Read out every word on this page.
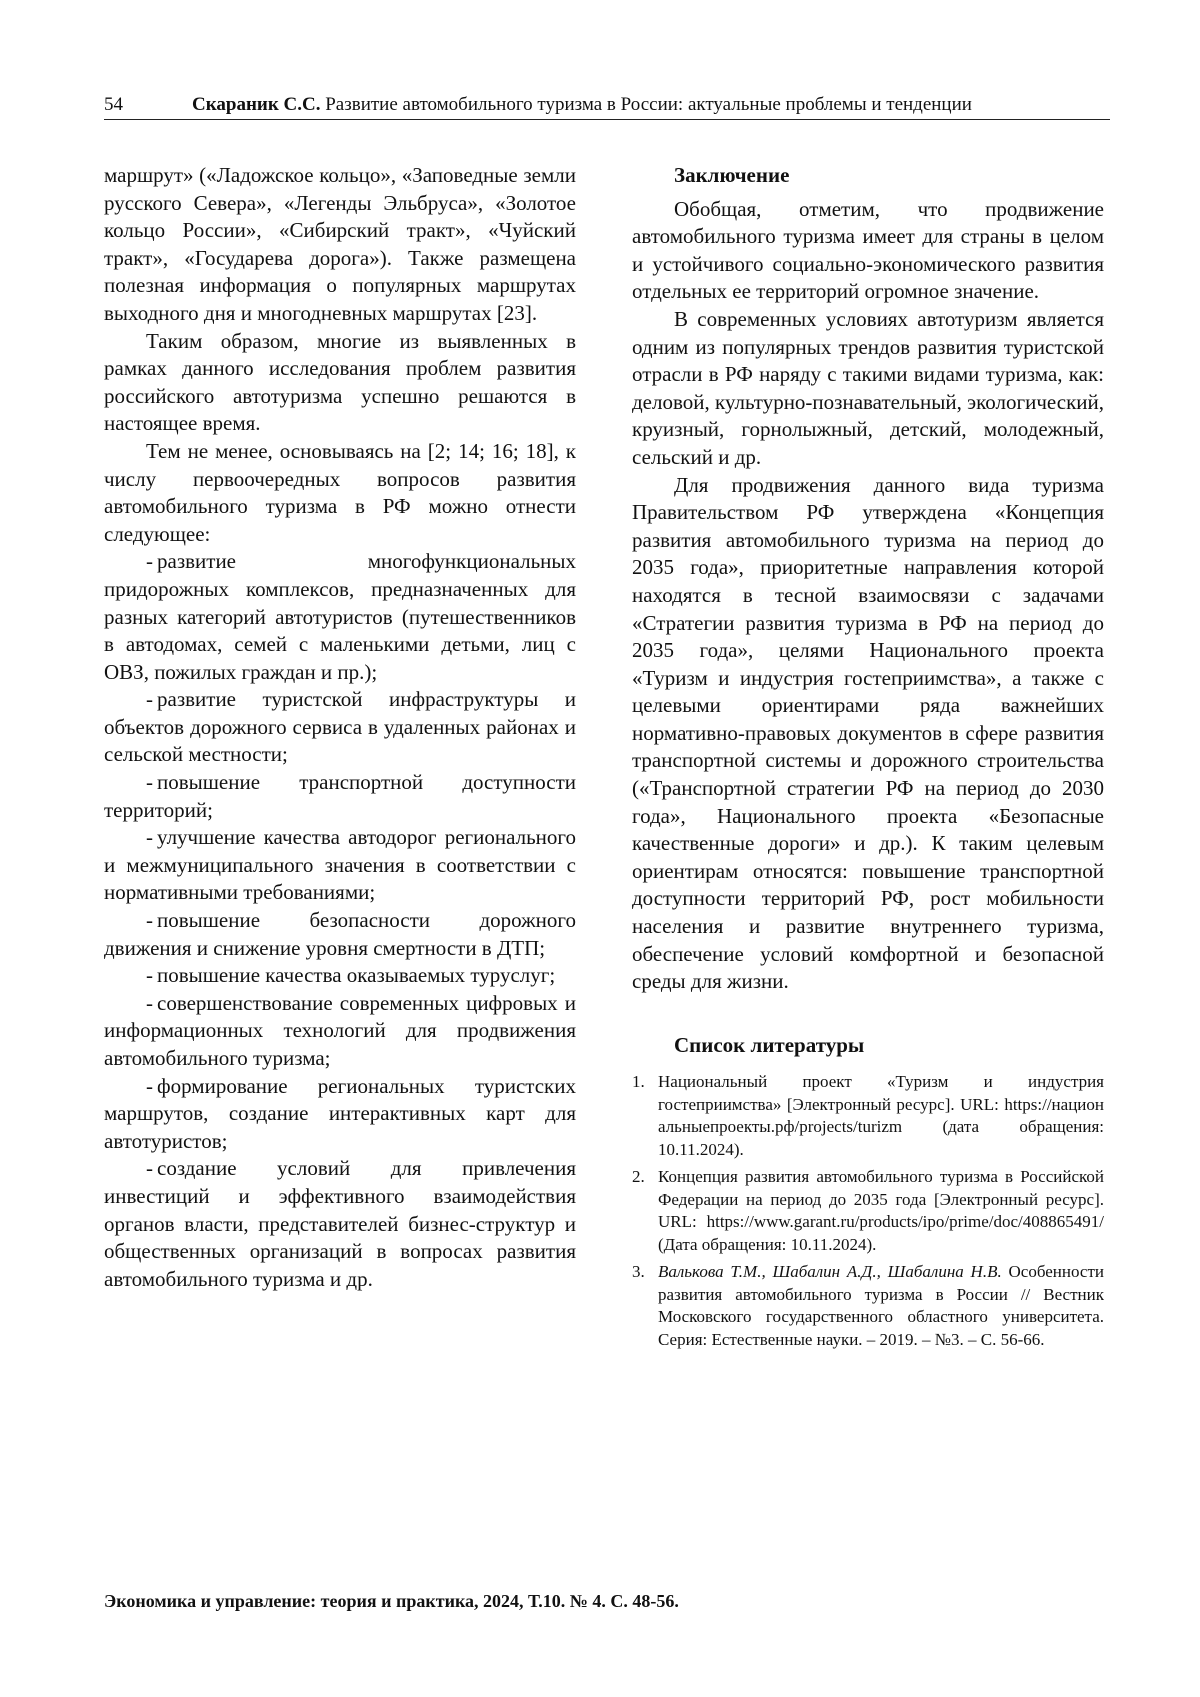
54	Скараник С.С. Развитие автомобильного туризма в России: актуальные проблемы и тенденции

маршрут» («Ладожское кольцо», «Заповедные земли русского Севера», «Легенды Эльбруса», «Золотое кольцо России», «Сибирский тракт», «Чуйский тракт», «Государева дорога»). Также размещена полезная информация о популярных маршрутах выходного дня и многодневных маршрутах [23].

Таким образом, многие из выявленных в рамках данного исследования проблем развития российского автотуризма успешно решаются в настоящее время.

Тем не менее, основываясь на [2; 14; 16; 18], к числу первоочередных вопросов развития автомобильного туризма в РФ можно отнести следующее:

- развитие многофункциональных придорожных комплексов, предназначенных для разных категорий автотуристов (путешественников в автодомах, семей с маленькими детьми, лиц с ОВЗ, пожилых граждан и пр.);
- развитие туристской инфраструктуры и объектов дорожного сервиса в удаленных районах и сельской местности;
- повышение транспортной доступности территорий;
- улучшение качества автодорог регионального и межмуниципального значения в соответствии с нормативными требованиями;
- повышение безопасности дорожного движения и снижение уровня смертности в ДТП;
- повышение качества оказываемых туруслуг;
- совершенствование современных цифровых и информационных технологий для продвижения автомобильного туризма;
- формирование региональных туристских маршрутов, создание интерактивных карт для автотуристов;
- создание условий для привлечения инвестиций и эффективного взаимодействия органов власти, представителей бизнес-структур и общественных организаций в вопросах развития автомобильного туризма и др.
Заключение

Обобщая, отметим, что продвижение автомобильного туризма имеет для страны в целом и устойчивого социально-экономического развития отдельных ее территорий огромное значение.

В современных условиях автотуризм является одним из популярных трендов развития туристской отрасли в РФ наряду с такими видами туризма, как: деловой, культурно-познавательный, экологический, круизный, горнолыжный, детский, молодежный, сельский и др.

Для продвижения данного вида туризма Правительством РФ утверждена «Концепция развития автомобильного туризма на период до 2035 года», приоритетные направления которой находятся в тесной взаимосвязи с задачами «Стратегии развития туризма в РФ на период до 2035 года», целями Национального проекта «Туризм и индустрия гостеприимства», а также с целевыми ориентирами ряда важнейших нормативно-правовых документов в сфере развития транспортной системы и дорожного строительства («Транспортной стратегии РФ на период до 2030 года», Национального проекта «Безопасные качественные дороги» и др.). К таким целевым ориентирам относятся: повышение транспортной доступности территорий РФ, рост мобильности населения и развитие внутреннего туризма, обеспечение условий комфортной и безопасной среды для жизни.

Список литературы
1. Национальный проект «Туризм и индустрия гостеприимства» [Электронный ресурс]. URL: https://национальныепроекты.рф/projects/turizm (дата обращения: 10.11.2024).
2. Концепция развития автомобильного туризма в Российской Федерации на период до 2035 года [Электронный ресурс]. URL: https://www.garant.ru/products/ipo/prime/doc/408865491/ (Дата обращения: 10.11.2024).
3. Валькова Т.М., Шабалин А.Д., Шабалина Н.В. Особенности развития автомобильного туризма в России // Вестник Московского государственного областного университета. Серия: Естественные науки. – 2019. – №3. – С. 56-66.
Экономика и управление: теория и практика, 2024, Т.10. № 4. С. 48-56.
